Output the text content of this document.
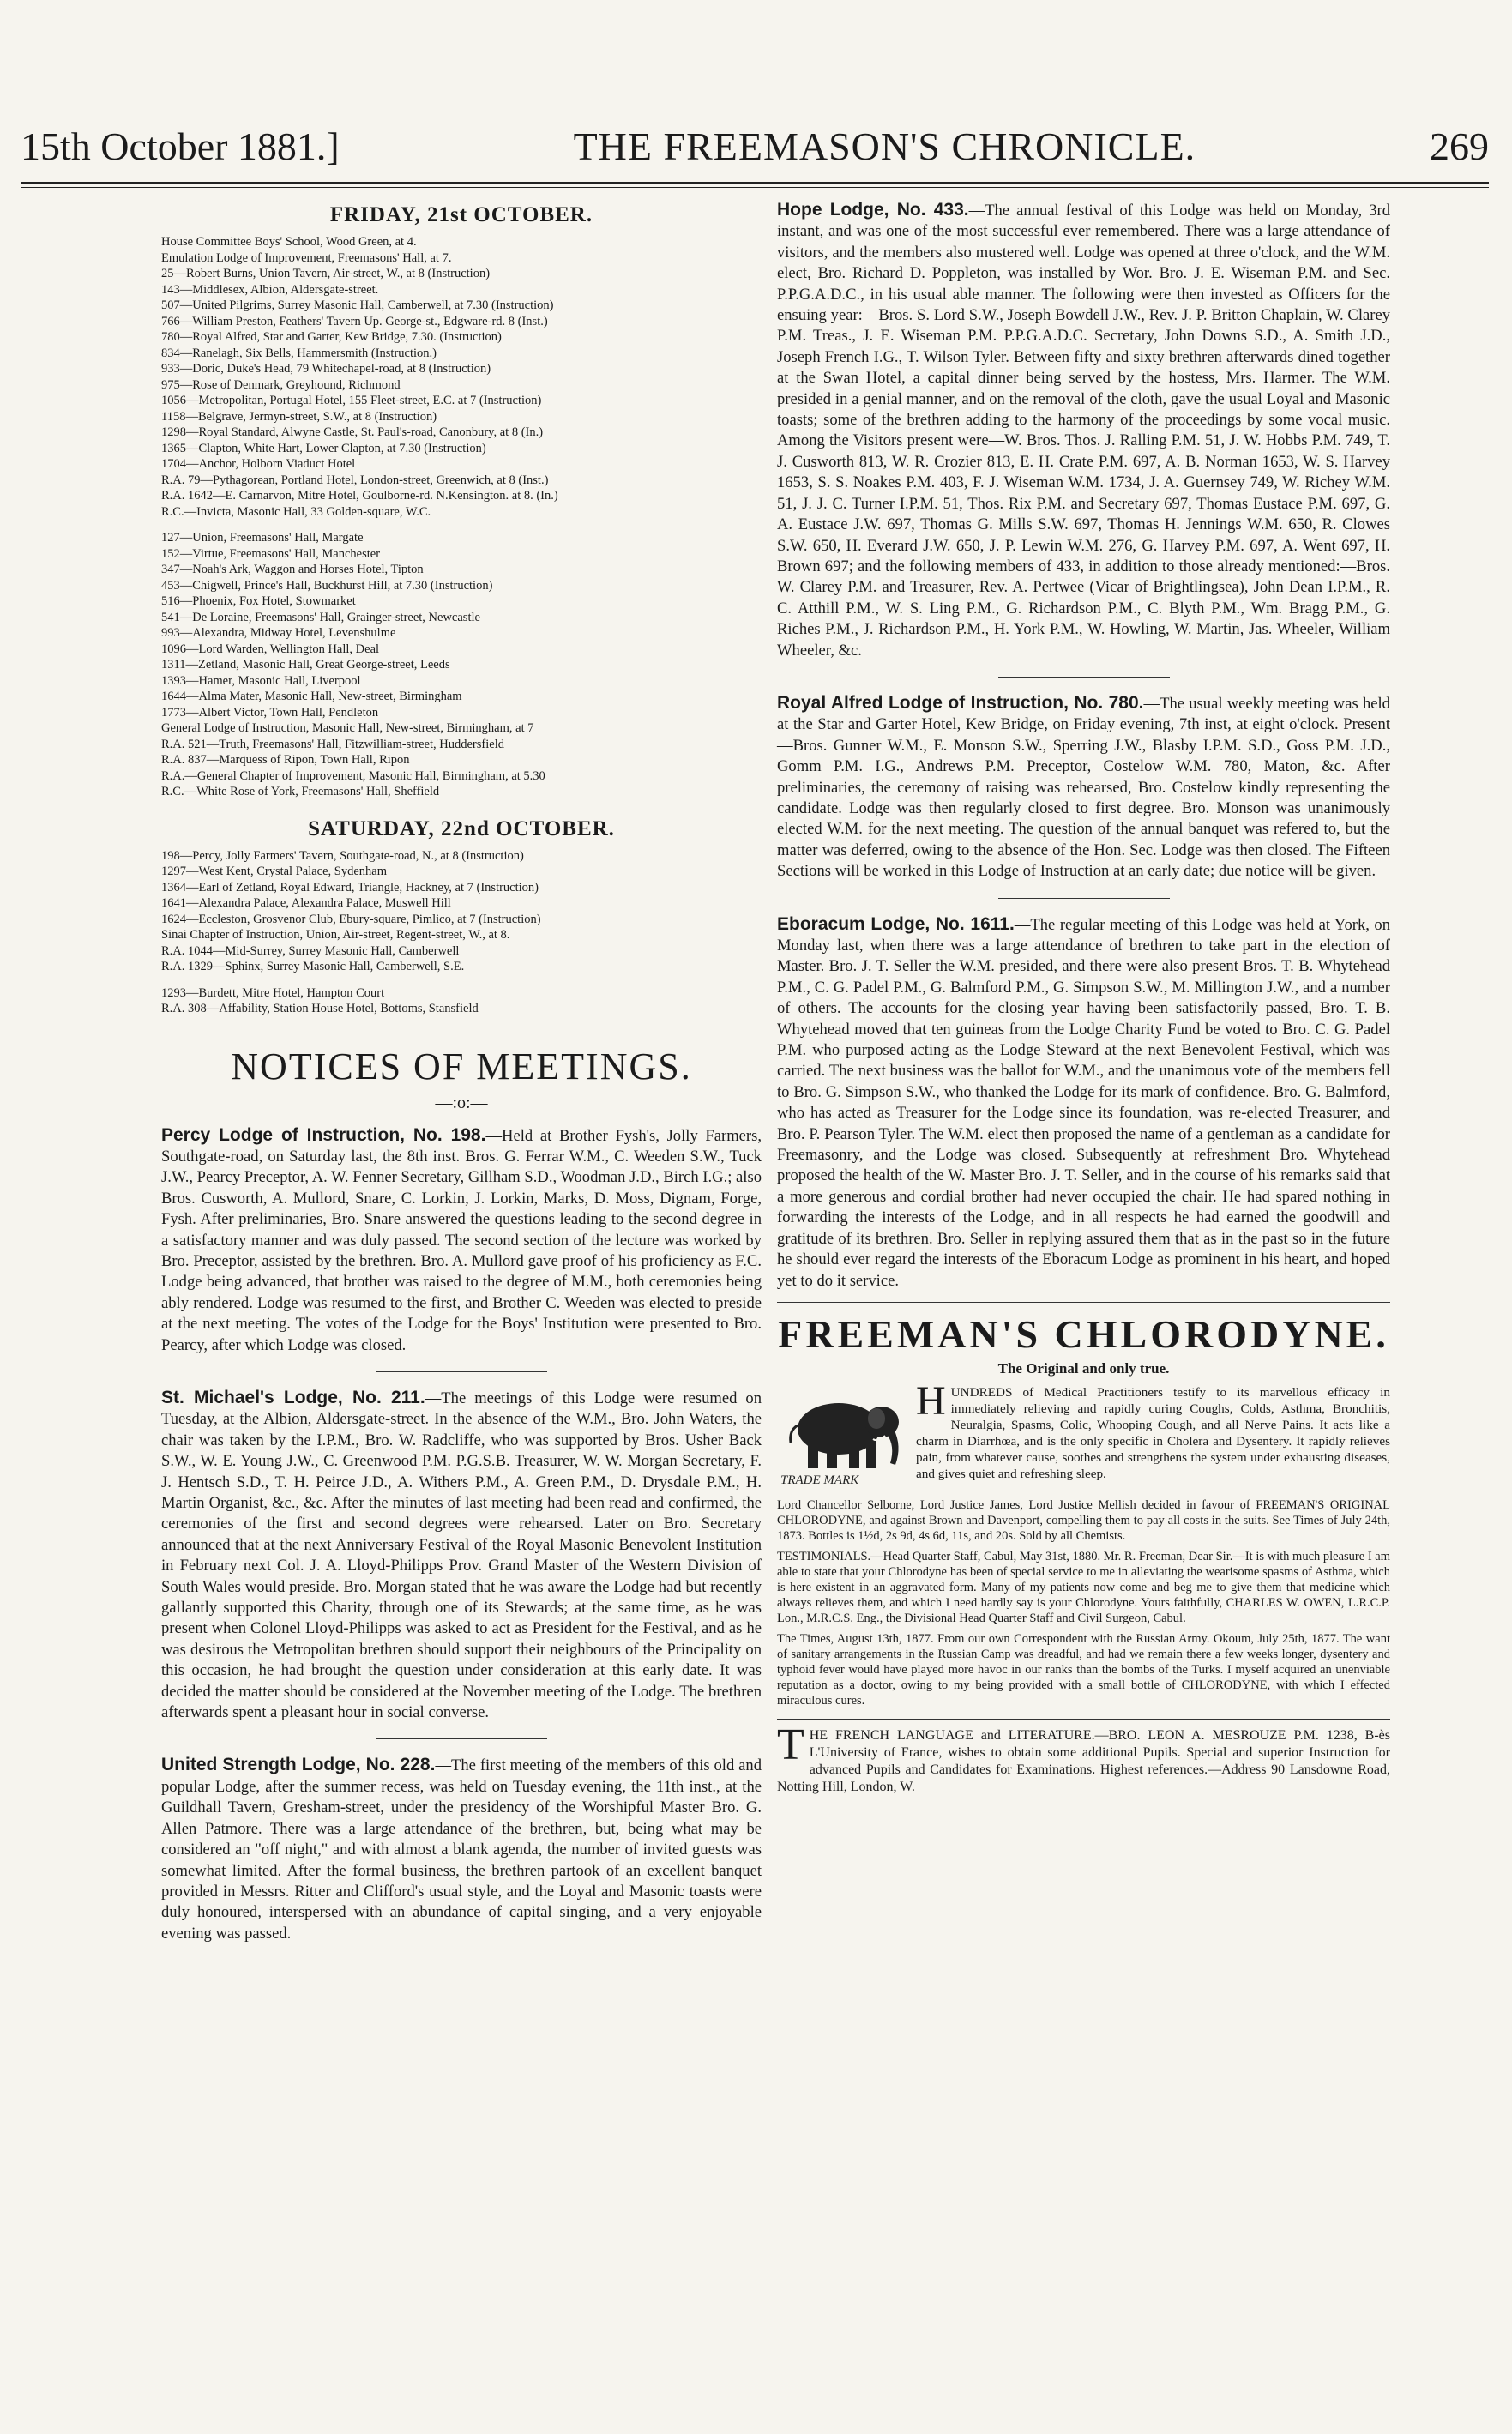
15th October 1881.]	THE FREEMASON'S CHRONICLE.	269
FRIDAY, 21st OCTOBER.
House Committee Boys' School, Wood Green, at 4.
Emulation Lodge of Improvement, Freemasons' Hall, at 7.
25—Robert Burns, Union Tavern, Air-street, W., at 8 (Instruction)
143—Middlesex, Albion, Aldersgate-street.
507—United Pilgrims, Surrey Masonic Hall, Camberwell, at 7.30 (Instruction)
766—William Preston, Feathers' Tavern Up. George-st., Edgware-rd. 8 (Inst.)
780—Royal Alfred, Star and Garter, Kew Bridge, 7.30. (Instruction)
834—Ranelagh, Six Bells, Hammersmith (Instruction.)
933—Doric, Duke's Head, 79 Whitechapel-road, at 8 (Instruction)
975—Rose of Denmark, Greyhound, Richmond
1056—Metropolitan, Portugal Hotel, 155 Fleet-street, E.C. at 7 (Instruction)
1158—Belgrave, Jermyn-street, S.W., at 8 (Instruction)
1298—Royal Standard, Alwyne Castle, St. Paul's-road, Canonbury, at 8 (In.)
1365—Clapton, White Hart, Lower Clapton, at 7.30 (Instruction)
1704—Anchor, Holborn Viaduct Hotel
R.A. 79—Pythagorean, Portland Hotel, London-street, Greenwich, at 8 (Inst.)
R.A. 1642—E. Carnarvon, Mitre Hotel, Goulborne-rd. N.Kensington. at 8. (In.)
R.C.—Invicta, Masonic Hall, 33 Golden-square, W.C.
127—Union, Freemasons' Hall, Margate
152—Virtue, Freemasons' Hall, Manchester
347—Noah's Ark, Waggon and Horses Hotel, Tipton
453—Chigwell, Prince's Hall, Buckhurst Hill, at 7.30 (Instruction)
516—Phoenix, Fox Hotel, Stowmarket
541—De Loraine, Freemasons' Hall, Grainger-street, Newcastle
993—Alexandra, Midway Hotel, Levenshulme
1096—Lord Warden, Wellington Hall, Deal
1311—Zetland, Masonic Hall, Great George-street, Leeds
1393—Hamer, Masonic Hall, Liverpool
1644—Alma Mater, Masonic Hall, New-street, Birmingham
1773—Albert Victor, Town Hall, Pendleton
General Lodge of Instruction, Masonic Hall, New-street, Birmingham, at 7
R.A. 521—Truth, Freemasons' Hall, Fitzwilliam-street, Huddersfield
R.A. 837—Marquess of Ripon, Town Hall, Ripon
R.A.—General Chapter of Improvement, Masonic Hall, Birmingham, at 5.30
R.C.—White Rose of York, Freemasons' Hall, Sheffield
SATURDAY, 22nd OCTOBER.
198—Percy, Jolly Farmers' Tavern, Southgate-road, N., at 8 (Instruction)
1297—West Kent, Crystal Palace, Sydenham
1364—Earl of Zetland, Royal Edward, Triangle, Hackney, at 7 (Instruction)
1641—Alexandra Palace, Alexandra Palace, Muswell Hill
1624—Eccleston, Grosvenor Club, Ebury-square, Pimlico, at 7 (Instruction)
Sinai Chapter of Instruction, Union, Air-street, Regent-street, W., at 8.
R.A. 1044—Mid-Surrey, Surrey Masonic Hall, Camberwell
R.A. 1329—Sphinx, Surrey Masonic Hall, Camberwell, S.E.
1293—Burdett, Mitre Hotel, Hampton Court
R.A. 308—Affability, Station House Hotel, Bottoms, Stansfield
NOTICES OF MEETINGS.
—:o:—
Percy Lodge of Instruction, No. 198.—Held at Brother Fysh's, Jolly Farmers, Southgate-road, on Saturday last, the 8th inst. Bros. G. Ferrar W.M., C. Weeden S.W., Tuck J.W., Pearcy Preceptor, A. W. Fenner Secretary, Gillham S.D., Woodman J.D., Birch I.G.; also Bros. Cusworth, A. Mullord, Snare, C. Lorkin, J. Lorkin, Marks, D. Moss, Dignam, Forge, Fysh. After preliminaries, Bro. Snare answered the questions leading to the second degree in a satisfactory manner and was duly passed. The second section of the lecture was worked by Bro. Preceptor, assisted by the brethren. Bro. A. Mullord gave proof of his proficiency as F.C. Lodge being advanced, that brother was raised to the degree of M.M., both ceremonies being ably rendered. Lodge was resumed to the first, and Brother C. Weeden was elected to preside at the next meeting. The votes of the Lodge for the Boys' Institution were presented to Bro. Pearcy, after which Lodge was closed.
St. Michael's Lodge, No. 211.—The meetings of this Lodge were resumed on Tuesday, at the Albion, Aldersgate-street. In the absence of the W.M., Bro. John Waters, the chair was taken by the I.P.M., Bro. W. Radcliffe, who was supported by Bros. Usher Back S.W., W. E. Young J.W., C. Greenwood P.M. P.G.S.B. Treasurer, W. W. Morgan Secretary, F. J. Hentsch S.D., T. H. Peirce J.D., A. Withers P.M., A. Green P.M., D. Drysdale P.M., H. Martin Organist, &c., &c. After the minutes of last meeting had been read and confirmed, the ceremonies of the first and second degrees were rehearsed. Later on Bro. Secretary announced that at the next Anniversary Festival of the Royal Masonic Benevolent Institution in February next Col. J. A. Lloyd-Philipps Prov. Grand Master of the Western Division of South Wales would preside. Bro. Morgan stated that he was aware the Lodge had but recently gallantly supported this Charity, through one of its Stewards; at the same time, as he was present when Colonel Lloyd-Philipps was asked to act as President for the Festival, and as he was desirous the Metropolitan brethren should support their neighbours of the Principality on this occasion, he had brought the question under consideration at this early date. It was decided the matter should be considered at the November meeting of the Lodge. The brethren afterwards spent a pleasant hour in social converse.
United Strength Lodge, No. 228.—The first meeting of the members of this old and popular Lodge, after the summer recess, was held on Tuesday evening, the 11th inst., at the Guildhall Tavern, Gresham-street, under the presidency of the Worshipful Master Bro. G. Allen Patmore. There was a large attendance of the brethren, but, being what may be considered an "off night," and with almost a blank agenda, the number of invited guests was somewhat limited. After the formal business, the brethren partook of an excellent banquet provided in Messrs. Ritter and Clifford's usual style, and the Loyal and Masonic toasts were duly honoured, interspersed with an abundance of capital singing, and a very enjoyable evening was passed.
Hope Lodge, No. 433.—The annual festival of this Lodge was held on Monday, 3rd instant, and was one of the most successful ever remembered. There was a large attendance of visitors, and the members also mustered well. Lodge was opened at three o'clock, and the W.M. elect, Bro. Richard D. Poppleton, was installed by Wor. Bro. J. E. Wiseman P.M. and Sec. P.P.G.A.D.C., in his usual able manner. The following were then invested as Officers for the ensuing year:—Bros. S. Lord S.W., Joseph Bowdell J.W., Rev. J. P. Britton Chaplain, W. Clarey P.M. Treas., J. E. Wiseman P.M. P.P.G.A.D.C. Secretary, John Downs S.D., A. Smith J.D., Joseph French I.G., T. Wilson Tyler. Between fifty and sixty brethren afterwards dined together at the Swan Hotel, a capital dinner being served by the hostess, Mrs. Harmer. The W.M. presided in a genial manner, and on the removal of the cloth, gave the usual Loyal and Masonic toasts; some of the brethren adding to the harmony of the proceedings by some vocal music. Among the Visitors present were—W. Bros. Thos. J. Ralling P.M. 51, J. W. Hobbs P.M. 749, T. J. Cusworth 813, W. R. Crozier 813, E. H. Crate P.M. 697, A. B. Norman 1653, W. S. Harvey 1653, S. S. Noakes P.M. 403, F. J. Wiseman W.M. 1734, J. A. Guernsey 749, W. Richey W.M. 51, J. J. C. Turner I.P.M. 51, Thos. Rix P.M. and Secretary 697, Thomas Eustace P.M. 697, G. A. Eustace J.W. 697, Thomas G. Mills S.W. 697, Thomas H. Jennings W.M. 650, R. Clowes S.W. 650, H. Everard J.W. 650, J. P. Lewin W.M. 276, G. Harvey P.M. 697, A. Went 697, H. Brown 697; and the following members of 433, in addition to those already mentioned:—Bros. W. Clarey P.M. and Treasurer, Rev. A. Pertwee (Vicar of Brightlingsea), John Dean I.P.M., R. C. Atthill P.M., W. S. Ling P.M., G. Richardson P.M., C. Blyth P.M., Wm. Bragg P.M., G. Riches P.M., J. Richardson P.M., H. York P.M., W. Howling, W. Martin, Jas. Wheeler, William Wheeler, &c.
Royal Alfred Lodge of Instruction, No. 780.—The usual weekly meeting was held at the Star and Garter Hotel, Kew Bridge, on Friday evening, 7th inst, at eight o'clock. Present—Bros. Gunner W.M., E. Monson S.W., Sperring J.W., Blasby I.P.M. S.D., Goss P.M. J.D., Gomm P.M. I.G., Andrews P.M. Preceptor, Costelow W.M. 780, Maton, &c. After preliminaries, the ceremony of raising was rehearsed, Bro. Costelow kindly representing the candidate. Lodge was then regularly closed to first degree. Bro. Monson was unanimously elected W.M. for the next meeting. The question of the annual banquet was refered to, but the matter was deferred, owing to the absence of the Hon. Sec. Lodge was then closed. The Fifteen Sections will be worked in this Lodge of Instruction at an early date; due notice will be given.
Eboracum Lodge, No. 1611.—The regular meeting of this Lodge was held at York, on Monday last, when there was a large attendance of brethren to take part in the election of Master. Bro. J. T. Seller the W.M. presided, and there were also present Bros. T. B. Whytehead P.M., C. G. Padel P.M., G. Balmford P.M., G. Simpson S.W., M. Millington J.W., and a number of others. The accounts for the closing year having been satisfactorily passed, Bro. T. B. Whytehead moved that ten guineas from the Lodge Charity Fund be voted to Bro. C. G. Padel P.M. who purposed acting as the Lodge Steward at the next Benevolent Festival, which was carried. The next business was the ballot for W.M., and the unanimous vote of the members fell to Bro. G. Simpson S.W., who thanked the Lodge for its mark of confidence. Bro. G. Balmford, who has acted as Treasurer for the Lodge since its foundation, was re-elected Treasurer, and Bro. P. Pearson Tyler. The W.M. elect then proposed the name of a gentleman as a candidate for Freemasonry, and the Lodge was closed. Subsequently at refreshment Bro. Whytehead proposed the health of the W. Master Bro. J. T. Seller, and in the course of his remarks said that a more generous and cordial brother had never occupied the chair. He had spared nothing in forwarding the interests of the Lodge, and in all respects he had earned the goodwill and gratitude of its brethren. Bro. Seller in replying assured them that as in the past so in the future he should ever regard the interests of the Eboracum Lodge as prominent in his heart, and hoped yet to do it service.
FREEMAN'S CHLORODYNE.
The Original and only true.
TRADE MARK
H UNDREDS of Medical Practitioners testify to its marvellous efficacy in immediately relieving and rapidly curing Coughs, Colds, Asthma, Bronchitis, Neuralgia, Spasms, Colic, Whooping Cough, and all Nerve Pains. It acts like a charm in Diarrhœa, and is the only specific in Cholera and Dysentery. It rapidly relieves pain, from whatever cause, soothes and strengthens the system under exhausting diseases, and gives quiet and refreshing sleep.
Lord Chancellor Selborne, Lord Justice James, Lord Justice Mellish decided in favour of FREEMAN'S ORIGINAL CHLORODYNE, and against Brown and Davenport, compelling them to pay all costs in the suits. See Times of July 24th, 1873. Bottles is 1½d, 2s 9d, 4s 6d, 11s, and 20s. Sold by all Chemists.
TESTIMONIALS.—Head Quarter Staff, Cabul, May 31st, 1880. Mr. R. Freeman, Dear Sir.—It is with much pleasure I am able to state that your Chlorodyne has been of special service to me in alleviating the wearisome spasms of Asthma, which is here existent in an aggravated form. Many of my patients now come and beg me to give them that medicine which always relieves them, and which I need hardly say is your Chlorodyne. Yours faithfully, CHARLES W. OWEN, L.R.C.P. Lon., M.R.C.S. Eng., the Divisional Head Quarter Staff and Civil Surgeon, Cabul.
The Times, August 13th, 1877. From our own Correspondent with the Russian Army. Okoum, July 25th, 1877. The want of sanitary arrangements in the Russian Camp was dreadful, and had we remain there a few weeks longer, dysentery and typhoid fever would have played more havoc in our ranks than the bombs of the Turks. I myself acquired an unenviable reputation as a doctor, owing to my being provided with a small bottle of CHLORODYNE, with which I effected miraculous cures.
THE FRENCH LANGUAGE and LITERATURE.—BRO. LEON A. MESROUZE P.M. 1238, B-ès L'University of France, wishes to obtain some additional Pupils. Special and superior Instruction for advanced Pupils and Candidates for Examinations. Highest references.—Address 90 Lansdowne Road, Notting Hill, London, W.
